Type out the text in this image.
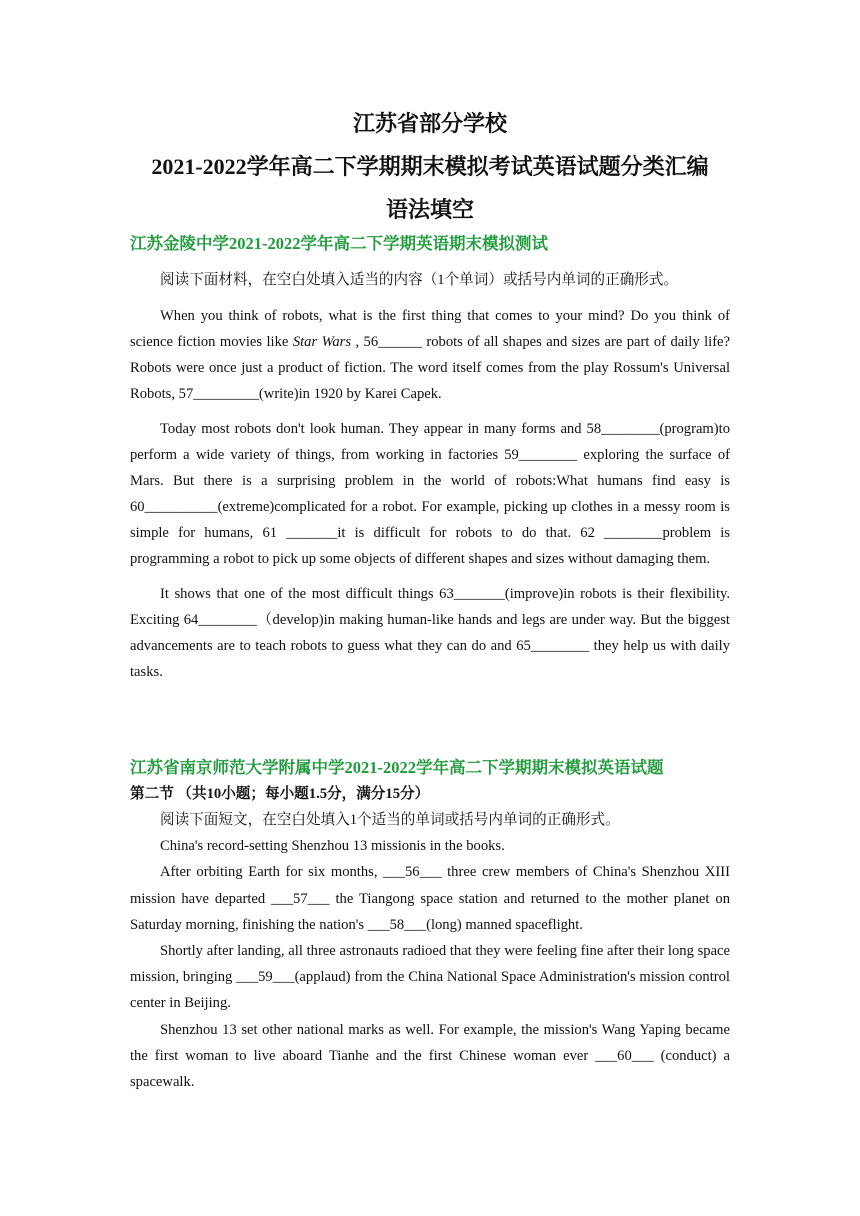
江苏省部分学校
2021-2022学年高二下学期期末模拟考试英语试题分类汇编
语法填空
江苏金陵中学2021-2022学年高二下学期英语期末模拟测试

阅读下面材料，在空白处填入适当的内容（1个单词）或括号内单词的正确形式。

When you think of robots, what is the first thing that comes to your mind? Do you think of science fiction movies like Star Wars , 56______ robots of all shapes and sizes are part of daily life?Robots were once just a product of fiction. The word itself comes from the play Rossum's Universal Robots, 57_________(write)in 1920 by Karei Capek.

Today most robots don't look human. They appear in many forms and 58________(program)to perform a wide variety of things, from working in factories 59________ exploring the surface of Mars. But there is a surprising problem in the world of robots:What humans find easy is 60__________(extreme)complicated for a robot. For example, picking up clothes in a messy room is simple for humans, 61 _______it is difficult for robots to do that. 62 ________problem is programming a robot to pick up some objects of different shapes and sizes without damaging them.

It shows that one of the most difficult things 63_______(improve)in robots is their flexibility. Exciting 64________（develop)in making human-like hands and legs are under way. But the biggest advancements are to teach robots to guess what they can do and 65________ they help us with daily tasks.

江苏省南京师范大学附属中学2021-2022学年高二下学期期末模拟英语试题
第二节 （共10小题；每小题1.5分，满分15分）

阅读下面短文，在空白处填入1个适当的单词或括号内单词的正确形式。

China's record-setting Shenzhou 13 missionis in the books.

After orbiting Earth for six months, ___56___ three crew members of China's Shenzhou XIII mission have departed ___57___ the Tiangong space station and returned to the mother planet on Saturday morning, finishing the nation's ___58___(long) manned spaceflight.

Shortly after landing, all three astronauts radioed that they were feeling fine after their long space mission, bringing ___59___(applaud) from the China National Space Administration's mission control center in Beijing.

Shenzhou 13 set other national marks as well. For example, the mission's Wang Yaping became the first woman to live aboard Tianhe and the first Chinese woman ever ___60___ (conduct) a spacewalk.
